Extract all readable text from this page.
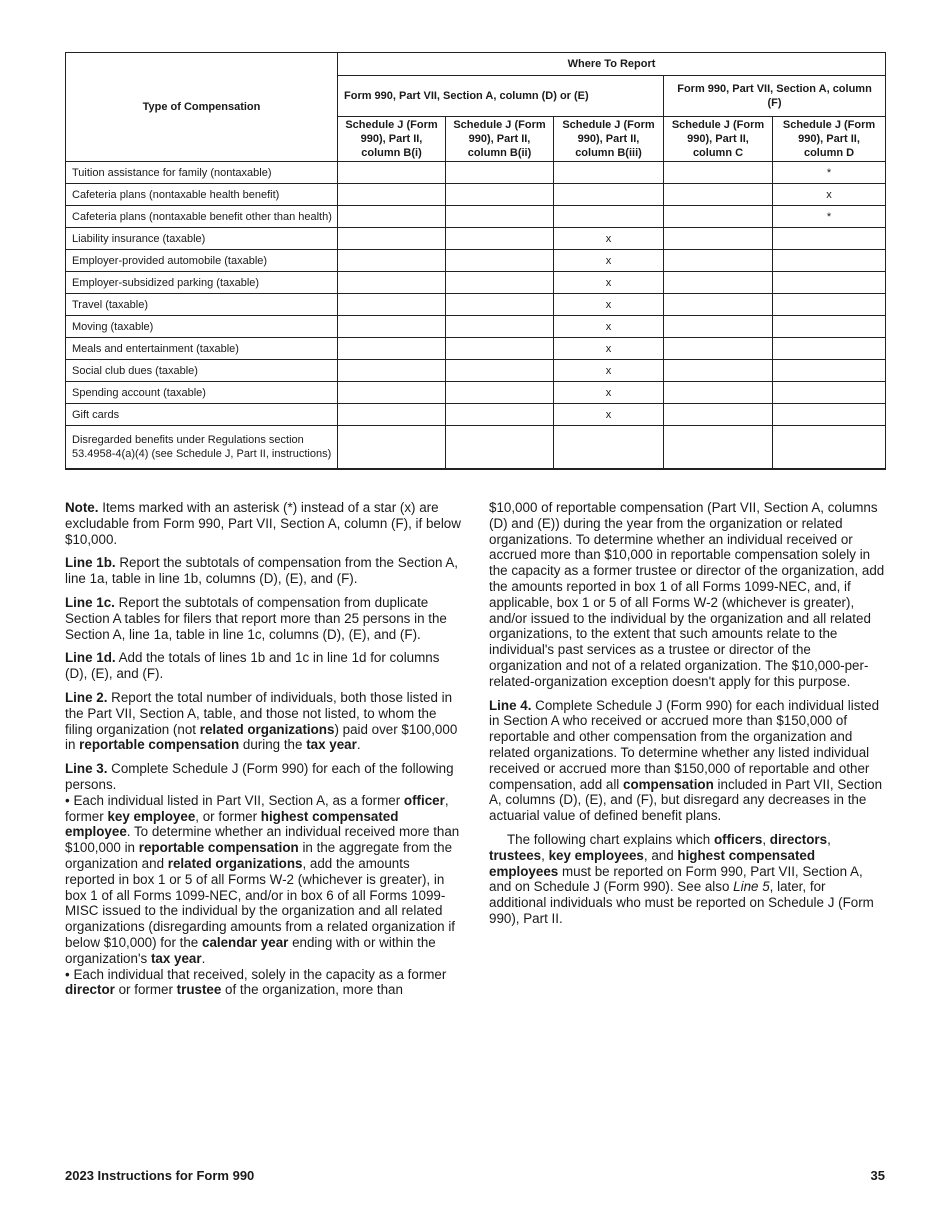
Type of Compensation	Where To Report				
	Form 990, Part VII, Section A, column (D) or (E)			Form 990, Part VII, Section A, column (F)	
	Schedule J (Form 990), Part II, column B(i)	Schedule J (Form 990), Part II, column B(ii)	Schedule J (Form 990), Part II, column B(iii)	Schedule J (Form 990), Part II, column C	Schedule J (Form 990), Part II, column D
Tuition assistance for family (nontaxable)					*
Cafeteria plans (nontaxable health benefit)					x
Cafeteria plans (nontaxable benefit other than health)					*
Liability insurance (taxable)			x		
Employer-provided automobile (taxable)			x		
Employer-subsidized parking (taxable)			x		
Travel (taxable)			x		
Moving (taxable)			x		
Meals and entertainment (taxable)			x		
Social club dues (taxable)			x		
Spending account (taxable)			x		
Gift cards			x		
Disregarded benefits under Regulations section 53.4958-4(a)(4) (see Schedule J, Part II, instructions)					

Note. Items marked with an asterisk (*) instead of a star (x) are excludable from Form 990, Part VII, Section A, column (F), if below $10,000.

Line 1b. Report the subtotals of compensation from the Section A, line 1a, table in line 1b, columns (D), (E), and (F).

Line 1c. Report the subtotals of compensation from duplicate Section A tables for filers that report more than 25 persons in the Section A, line 1a, table in line 1c, columns (D), (E), and (F).

Line 1d. Add the totals of lines 1b and 1c in line 1d for columns (D), (E), and (F).

Line 2. Report the total number of individuals, both those listed in the Part VII, Section A, table, and those not listed, to whom the filing organization (not related organizations) paid over $100,000 in reportable compensation during the tax year.

Line 3. Complete Schedule J (Form 990) for each of the following persons.

• Each individual listed in Part VII, Section A, as a former officer, former key employee, or former highest compensated employee. To determine whether an individual received more than $100,000 in reportable compensation in the aggregate from the organization and related organizations, add the amounts reported in box 1 or 5 of all Forms W-2 (whichever is greater), in box 1 of all Forms 1099-NEC, and/or in box 6 of all Forms 1099-MISC issued to the individual by the organization and all related organizations (disregarding amounts from a related organization if below $10,000) for the calendar year ending with or within the organization's tax year.

• Each individual that received, solely in the capacity as a former director or former trustee of the organization, more than

$10,000 of reportable compensation (Part VII, Section A, columns (D) and (E)) during the year from the organization or related organizations. To determine whether an individual received or accrued more than $10,000 in reportable compensation solely in the capacity as a former trustee or director of the organization, add the amounts reported in box 1 of all Forms 1099-NEC, and, if applicable, box 1 or 5 of all Forms W-2 (whichever is greater), and/or issued to the individual by the organization and all related organizations, to the extent that such amounts relate to the individual's past services as a trustee or director of the organization and not of a related organization. The $10,000-per-related-organization exception doesn't apply for this purpose.

Line 4. Complete Schedule J (Form 990) for each individual listed in Section A who received or accrued more than $150,000 of reportable and other compensation from the organization and related organizations. To determine whether any listed individual received or accrued more than $150,000 of reportable and other compensation, add all compensation included in Part VII, Section A, columns (D), (E), and (F), but disregard any decreases in the actuarial value of defined benefit plans.

The following chart explains which officers, directors, trustees, key employees, and highest compensated employees must be reported on Form 990, Part VII, Section A, and on Schedule J (Form 990). See also Line 5, later, for additional individuals who must be reported on Schedule J (Form 990), Part II.

2023 Instructions for Form 990	35
